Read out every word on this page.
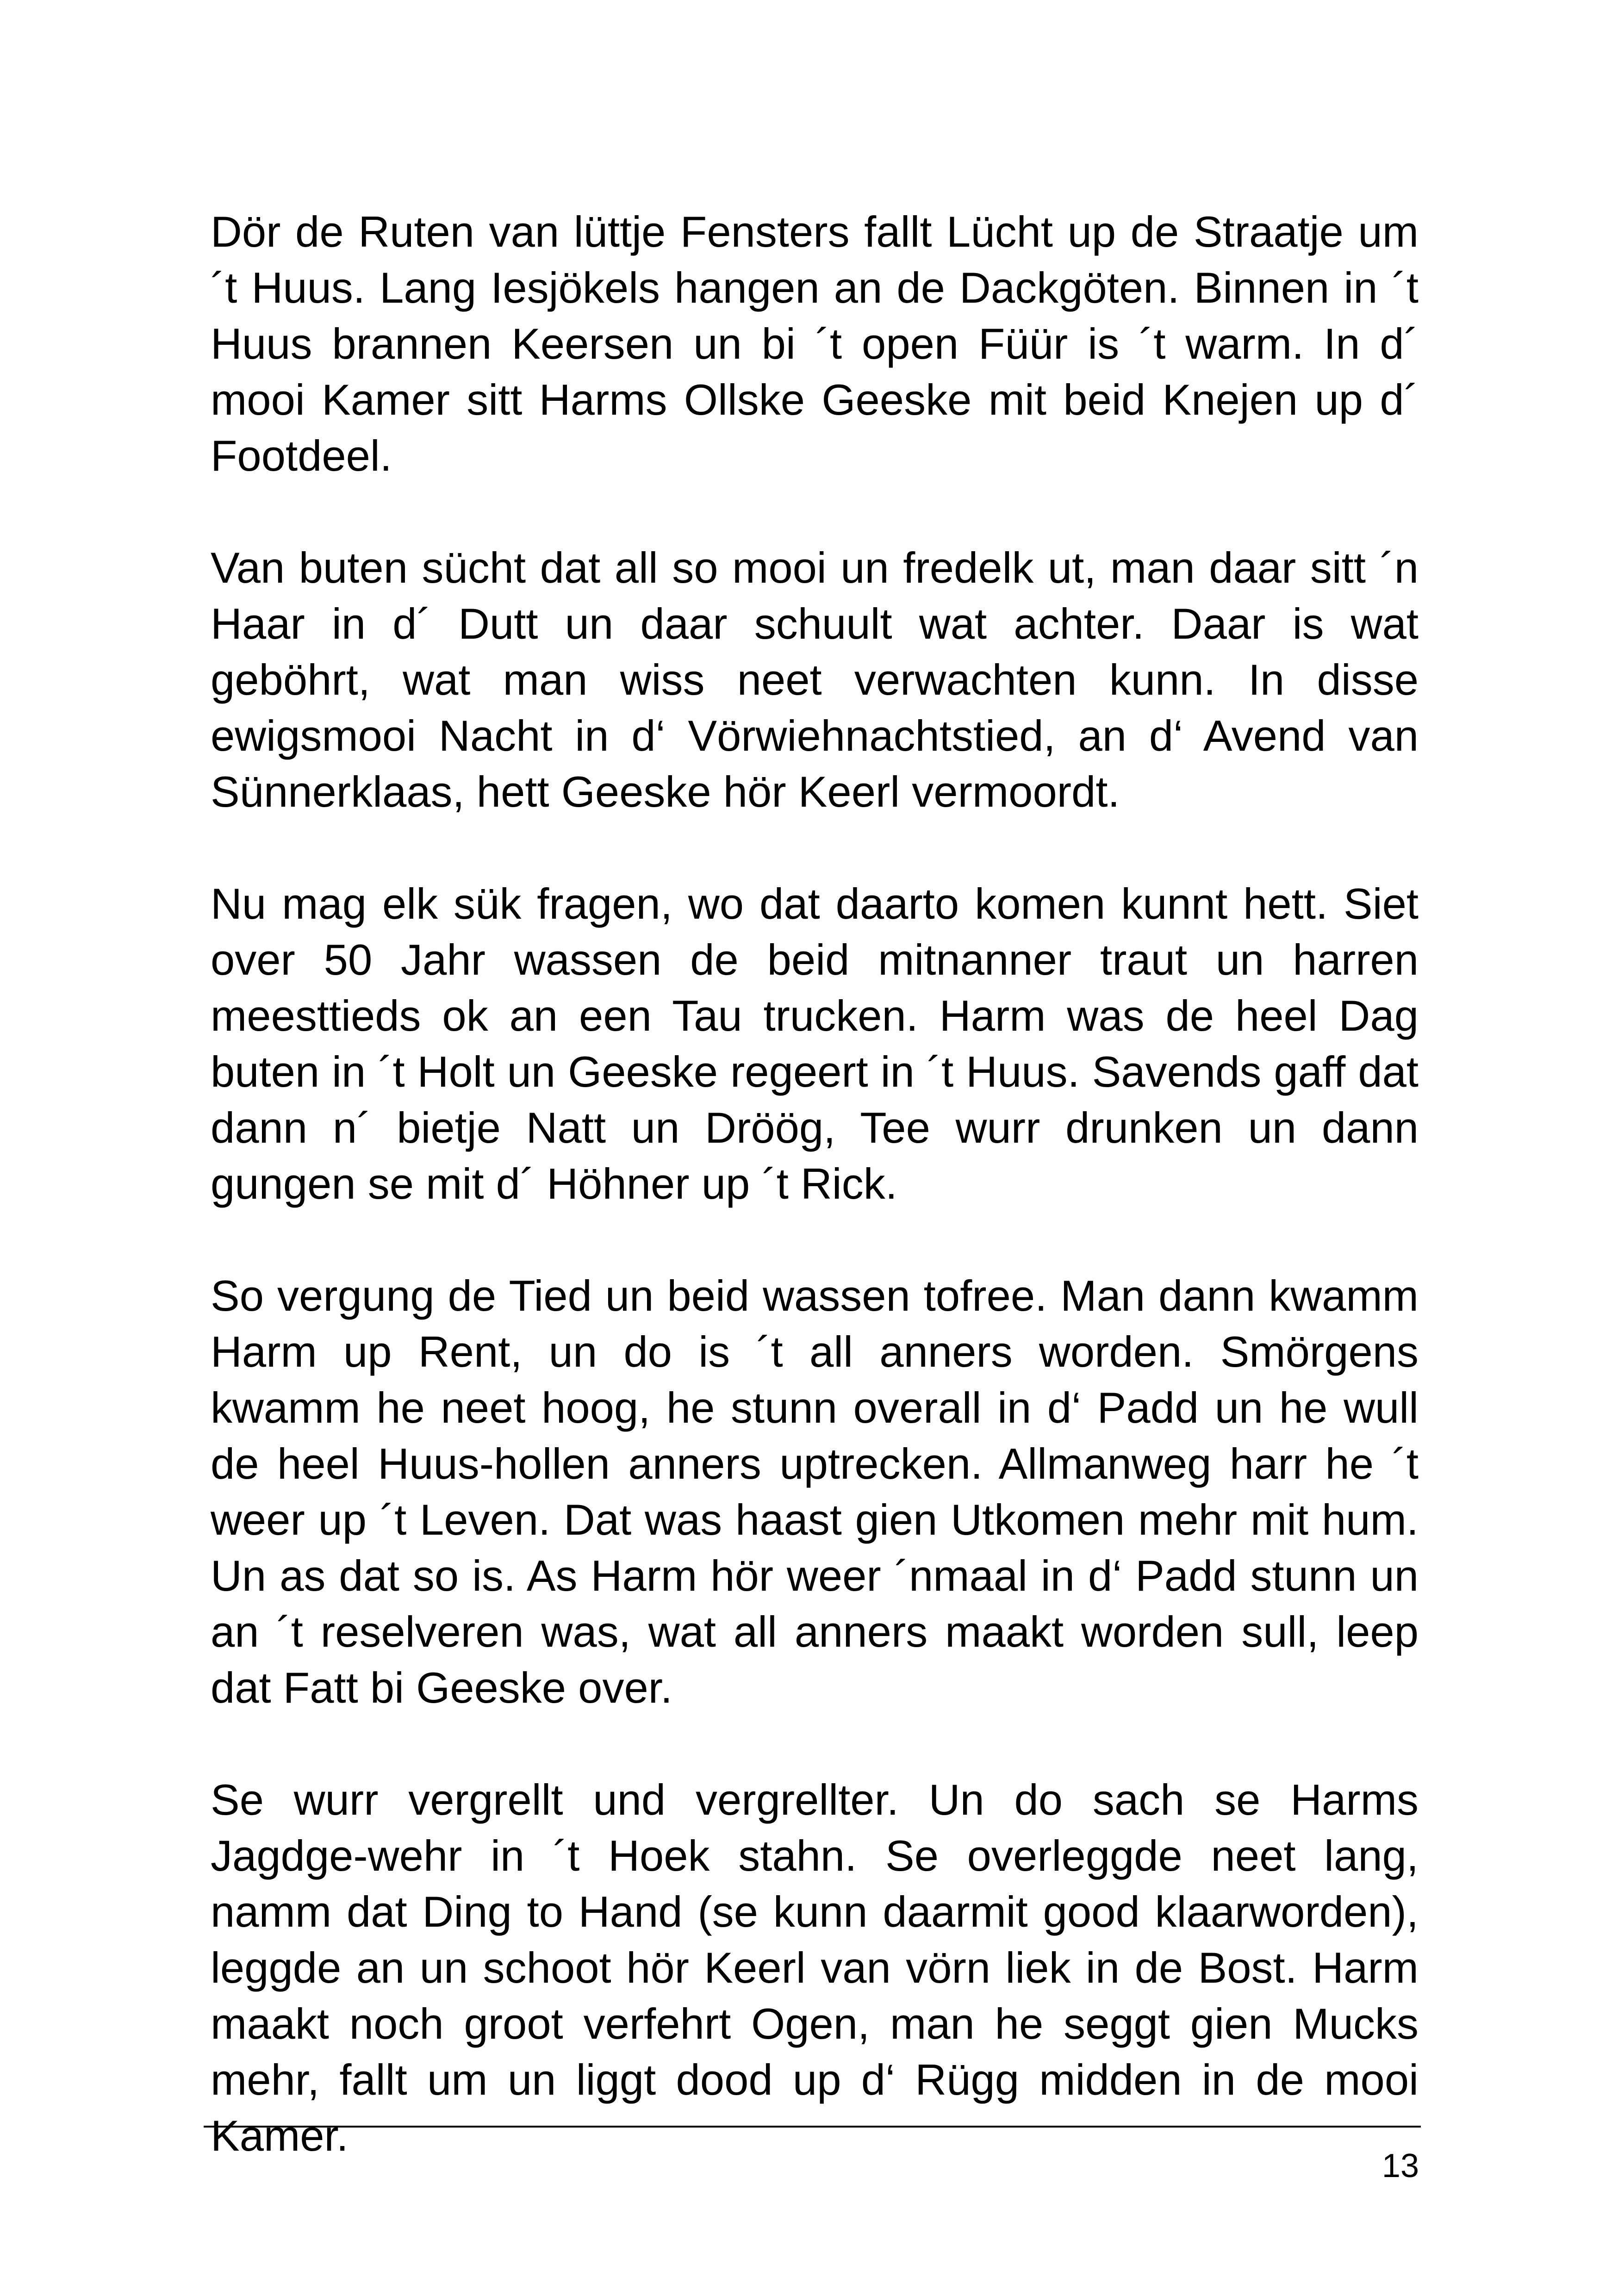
Dör de Ruten van lüttje Fensters fallt Lücht up de Straatje um ´t Huus. Lang Iesjökels hangen an de Dackgöten. Binnen in ´t Huus brannen Keersen un bi ´t open Füür is ´t warm. In d´ mooi Kamer sitt Harms Ollske Geeske mit beid Knejen up d´ Footdeel.

Van buten sücht dat all so mooi un fredelk ut, man daar sitt ´n Haar in d´ Dutt un daar schuult wat achter. Daar is wat geböhrt, wat man wiss neet verwachten kunn. In disse ewigsmooi Nacht in d‘ Vörwiehnachtstied, an d‘ Avend van Sünnerklaas, hett Geeske hör Keerl vermoordt.

Nu mag elk sük fragen, wo dat daarto komen kunnt hett. Siet over 50 Jahr wassen de beid mitnanner traut un harren meesttieds ok an een Tau trucken. Harm was de heel Dag buten in ´t Holt un Geeske regeert in ´t Huus. Savends gaff dat dann n´ bietje Natt un Dröög, Tee wurr drunken un dann gungen se mit d´ Höhner up ´t Rick.

So vergung de Tied un beid wassen tofree. Man dann kwamm Harm up Rent, un do is ´t all anners worden. Smörgens kwamm he neet hoog, he stunn overall in d‘ Padd un he wull de heel Huus-hollen anners uptrecken. Allmanweg harr he ´t weer up ´t Leven. Dat was haast gien Utkomen mehr mit hum. Un as dat so is. As Harm hör weer ´nmaal in d‘ Padd stunn un an ´t reselveren was, wat all anners maakt worden sull, leep dat Fatt bi Geeske over.

Se wurr vergrellt und vergrellter. Un do sach se Harms Jagdge-wehr in ´t Hoek stahn. Se overleggde neet lang, namm dat Ding to Hand (se kunn daarmit good klaarworden), leggde an un schoot hör Keerl van vörn liek in de Bost. Harm maakt noch groot verfehrt Ogen, man he seggt gien Mucks mehr, fallt um un liggt dood up d‘ Rügg midden in de mooi Kamer.

13
